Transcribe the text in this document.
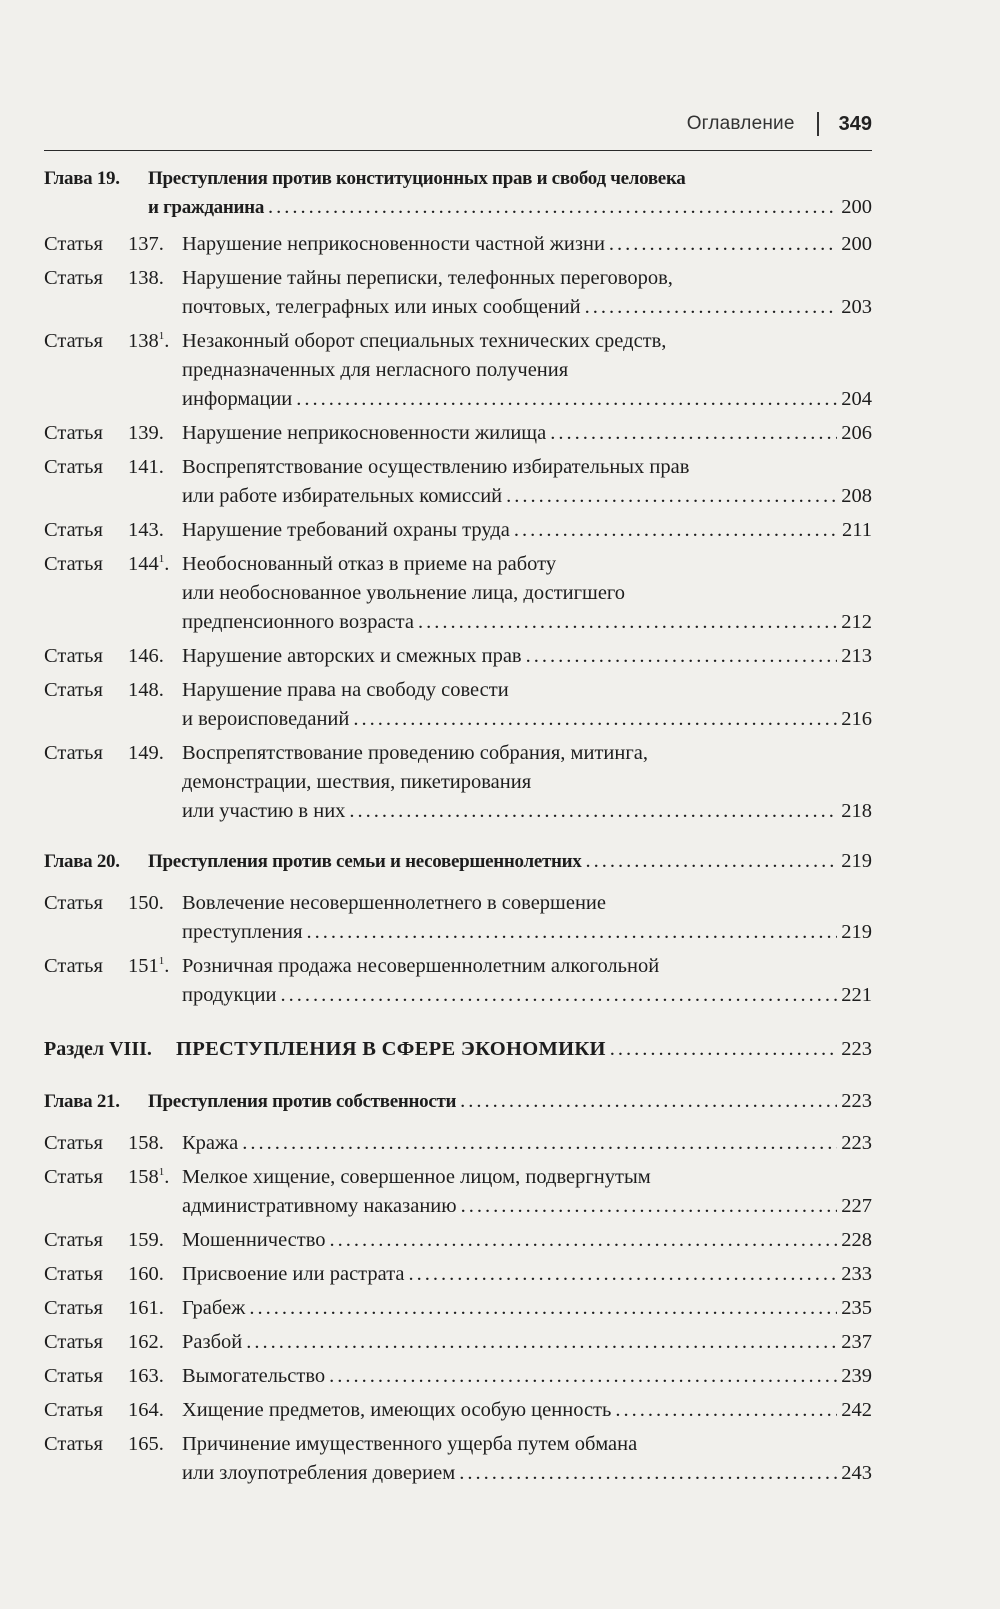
Оглавление 349
Глава 19.	Преступления против конституционных прав и свобод человека
и гражданина .....	200
Статья 137. Нарушение неприкосновенности частной жизни .....	200
Статья 138. Нарушение тайны переписки, телефонных переговоров,
почтовых, телеграфных или иных сообщений .....	203
Статья $138^1$. Незаконный оборот специальных технических средств,
предназначенных для негласного получения
информации .....	204
Статья 139. Нарушение неприкосновенности жилища .....	206
Статья 141. Воспрепятствование осуществлению избирательных прав
или работе избирательных комиссий .....	208
Статья 143. Нарушение требований охраны труда .....	211
Статья $144^1$. Необоснованный отказ в приеме на работу
или необоснованное увольнение лица, достигшего
предпенсионного возраста .....	212
Статья 146. Нарушение авторских и смежных прав .....	213
Статья 148. Нарушение права на свободу совести
и вероисповеданий .....	216
Статья 149. Воспрепятствование проведению собрания, митинга,
демонстрации, шествия, пикетирования
или участию в них .....	218
Глава 20.	Преступления против семьи и несовершеннолетних .....	219
Статья 150. Вовлечение несовершеннолетнего в совершение
преступления .....	219
Статья $151^1$. Розничная продажа несовершеннолетним алкогольной
продукции .....	221
Раздел VIII.	ПРЕСТУПЛЕНИЯ В СФЕРЕ ЭКОНОМИКИ .....	223
Глава 21.	Преступления против собственности .....	223
Статья 158. Кража .....	223
Статья $158^1$. Мелкое хищение, совершенное лицом, подвергнутым
административному наказанию .....	227
Статья 159. Мошенничество .....	228
Статья 160. Присвоение или растрата .....	233
Статья 161. Грабеж .....	235
Статья 162. Разбой .....	237
Статья 163. Вымогательство .....	239
Статья 164. Хищение предметов, имеющих особую ценность .....	242
Статья 165. Причинение имущественного ущерба путем обмана
или злоупотребления доверием .....	243
